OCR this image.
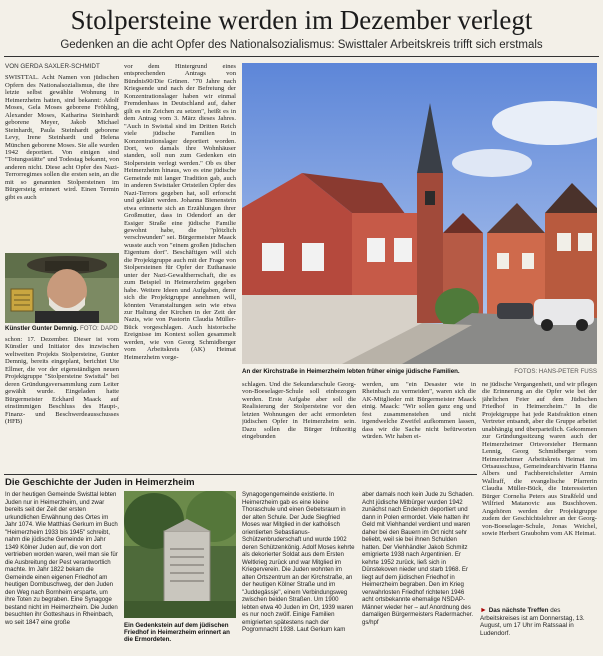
Stolpersteine werden im Dezember verlegt

Gedenken an die acht Opfer des Nationalsozialismus: Swisttaler Arbeitskreis trifft sich erstmals

VON GERDA SAXLER-SCHMIDT

SWISTTAL. Acht Namen von jüdischen Opfern des Nationalsozialismus, die ihre letzte selbst gewählte Wohnung in Heimerzheim hatten, sind bekannt: Adolf Moses, Gela Moses geborene Fröhling, Alexander Moses, Katharina Steinhardt geborene Meyer, Jakob Michael Steinhardt, Paula Steinhardt geborene Levy, Irene Steinhardt und Helena München geborene Moses. Sie alle wurden 1942 deportiert. Von einigen sind "Totungsstätte" und Todestag bekannt, von anderen nicht. Diese acht Opfer des Nazi-Terrorregimes sollen die ersten sein, an die mit so genannten Stolpersteinen im Bürgersteig erinnert wird. Einen Termin gibt es auch

Künstler Gunter Demnig. FOTO: DAPD

schon: 17. Dezember. Dieser ist vom Künstler und Initiator des inzwischen weltweiten Projekts Stolpersteine, Gunter Demnig, bereits eingeplant, berichtet Ute Ellmer, die vor der eigenständigen neuen Projektgruppe "Stolpersteine Swisttal" bei deren Gründungsversammlung zum Leiter gewählt wurde. Eingeladen hatte Bürgermeister Eckhard Maack auf einstimmigen Beschluss des Haupt-, Finanz- und Beschwerdeausschusses (HFB)

vor dem Hintergrund eines entsprechenden Antrags von Bündnis90/Die Grünen. "70 Jahre nach Kriegsende und nach der Befreiung der Konzentrationslager haben wir einmal Fremdenhass in Deutschland auf, daher gilt es ein Zeichen zu setzen", heißt es in dem Antrag vom 3. März dieses Jahres. "Auch in Swisttal sind im Dritten Reich viele jüdische Familien in Konzentrationslager deportiert worden. Dort, wo damals ihre Wohnhäuser standen, soll nun zum Gedenken ein Stolperstein verlegt werden." Ob es über Heimerzheim hinaus, wo es eine jüdische Gemeinde mit langer Tradition gab, auch in anderen Swisttaler Ortsteilen Opfer des Nazi-Terrors gegeben hat, soll erforscht und geklärt werden. Johanna Bienenstein etwa erinnerte sich an Erzählungen ihrer Großmutter, dass in Odendorf an der Essiger Straße eine jüdische Familie gewohnt habe, die "plötzlich verschwunden" sei. Bürgermeister Maack wusste auch von "einem großen jüdischen Eigentum dort". Beschäftigen will sich die Projektgruppe auch mit der Frage von Stolpersteinen für Opfer der Euthanasie unter der Nazi-Gewaltherrschaft, die es zum Beispiel in Heimerzheim gegeben habe. Weitere Ideen und Aufgaben, derer sich die Projektgruppe annehmen will, könnten Veranstaltungen sein wie etwa zur Haltung der Kirchen in der Zeit der Nazis, wie von Pastorin Claudia Müller-Bück vorgeschlagen. Auch historische Ereignisse im Kontext sollen gesammelt werden, wie von Georg Schmidberger vom Arbeitskreis (AK) Heimat Heimerzheim vorge-

An der Kirchstraße in Heimerzheim lebten früher einige jüdische Familien.	FOTOS: HANS-PETER FUSS

schlagen. Und die Sekundarschule Georg-von-Boeselager-Schule soll einbezogen werden. Erste Aufgabe aber soll die Realisierung der Stolpersteine vor den letzten Wohnungen der acht ermordeten jüdischen Opfer in Heimerzheim sein. Dazu sollen die Bürger frühzeitig eingebunden

werden, um "ein Desaster wie in Rheinbach zu vermeiden", waren sich die AK-Mitglieder mit Bürgermeister Maack einig. Maack: "Wir sollen ganz eng und fest zusammenstehen und nicht irgendwelche Zweifel aufkommen lassen, dass wir die Sache nicht befürworten würden. Wir haben ei-

ne jüdische Vergangenheit, und wir pflegen die Erinnerung an die Opfer wie bei der jährlichen Feier auf dem Jüdischen Friedhof in Heimerzheim." In die Projektgruppe hat jede Ratsfraktion einen Vertreter entsandt, aber die Gruppe arbeitet unabhängig und überparteilich. Gekommen zur Gründungssitzung waren auch der Heimerzheimer Ortsvorsteher Hermann Lennig, Georg Schmidberger vom Heimerzheimer Arbeitskreis Heimat im Ortsausschuss, Gemeindearchivarin Hanna Albers und Fachbereichsleiter Armin Wallraff, die evangelische Pfarrerin Claudia Müller-Bück, die Interessierten Bürger Cornelia Peters aus Straßfeld und Wilfried Matanovic aus Buschhoven. Angehören werden der Projektgruppe zudem der Geschichtslehrer an der Georg-von-Boeselager-Schule, Jonas Weichel, sowie Herbert Graubohm vom AK Heimat.

Die Geschichte der Juden in Heimerzheim

In der heutigen Gemeinde Swisttal lebten Juden nur in Heimerzheim, und zwar bereits seit der Zeit der ersten urkundlichen Erwähnung des Ortes im Jahr 1074. Wie Matthias Gerkum im Buch "Heimerzheim 1933 bis 1945" schreibt, nahm die jüdische Gemeinde im Jahr 1349 Kölner Juden auf, die von dort vertrieben worden waren, weil man sie für die Ausbreitung der Pest verantwortlich machte. Im Jahr 1822 bekam die Gemeinde einen eigenen Friedhof am heutigen Dornbuschweg, der den Juden den Weg nach Bornheim ersparte, um ihre Toten zu begraben. Eine Synagoge bestand nicht im Heimerzheim. Die Juden besuchten ihr Gotteshaus in Rheinbach, wo seit 1847 eine große	Ein Gedenkstein auf dem jüdischen Friedhof in Heimerzheim erinnert an die Ermordeten.

Synagogengemeinde existierte. In Heimerzheim gab es eine kleine Thoraschule und einen Gebetsraum in der alten Schule. Der Jude Siegfried Moses war Mitglied in der katholisch orientierten Sebastianus-Schützenbruderschaft und wurde 1902 deren Schützenkönig. Adolf Moses kehrte als dekorierter Soldat aus dem Ersten Weltkrieg zurück und war Mitglied im Kriegerverein. Die Juden wohnten im alten Ortszentrum an der Kirchstraße, an der heutigen Kölner Straße und im "Juddegässje", einem Verbindungsweg zwischen beiden Straßen. Um 1900 lebten etwa 40 Juden im Ort, 1939 waren es nur noch zwölf. Einige Familien emigrierten spätestens nach der Pogromnacht 1938. Laut Gerkum kam

aber damals noch kein Jude zu Schaden. Acht jüdische Mitbürger wurden 1942 zunächst nach Endenich deportiert und dann in Polen ermordet. Viele hatten ihr Geld mit Viehhandel verdient und waren daher bei den Bauern im Ort nicht sehr beliebt, weil sie bei ihnen Schulden hatten. Der Viehhändler Jakob Schmitz emigrierte 1938 nach Argentinien. Er kehrte 1952 zurück, ließ sich in Dünstekoven nieder und starb 1968. Er liegt auf dem jüdischen Friedhof in Heimerzheim begraben. Den im Krieg verwahrlosten Friedhof richteten 1946 acht ortsbekannte ehemalige NSDAP-Männer wieder her – auf Anordnung des damaligen Bürgermeisters Radermacher. gs/hpf

► Das nächste Treffen des Arbeitskreises ist am Donnerstag, 13. August, um 17 Uhr im Ratssaal in Ludendorf.
